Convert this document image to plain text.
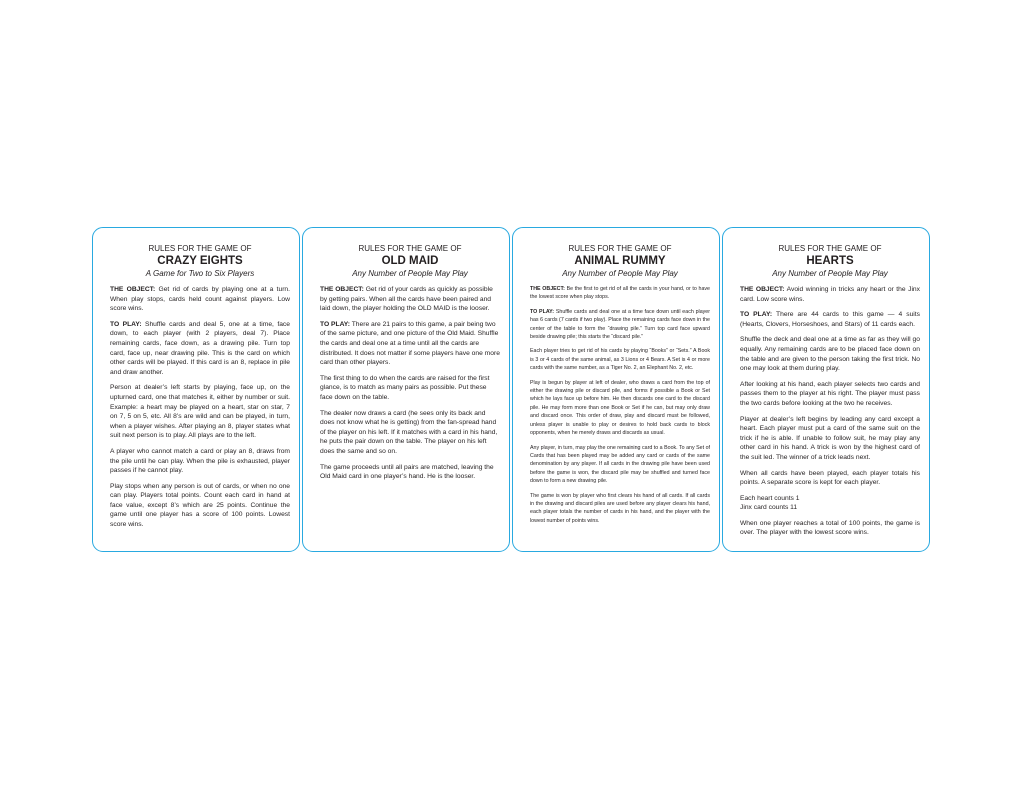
RULES FOR THE GAME OF
CRAZY EIGHTS
A Game for Two to Six Players
THE OBJECT: Get rid of cards by playing one at a turn. When play stops, cards held count against players. Low score wins.
TO PLAY: Shuffle cards and deal 5, one at a time, face down, to each player (with 2 players, deal 7). Place remaining cards, face down, as a drawing pile. Turn top card, face up, near drawing pile. This is the card on which other cards will be played. If this card is an 8, replace in pile and draw another.
Person at dealer’s left starts by playing, face up, on the upturned card, one that matches it, either by number or suit. Example: a heart may be played on a heart, star on star, 7 on 7, 5 on 5, etc. All 8’s are wild and can be played, in turn, when a player wishes. After playing an 8, player states what suit next person is to play. All plays are to the left.
A player who cannot match a card or play an 8, draws from the pile until he can play. When the pile is exhausted, player passes if he cannot play.
Play stops when any person is out of cards, or when no one can play. Players total points. Count each card in hand at face value, except 8’s which are 25 points. Continue the game until one player has a score of 100 points. Lowest score wins.
RULES FOR THE GAME OF
OLD MAID
Any Number of People May Play
THE OBJECT: Get rid of your cards as quickly as possible by getting pairs. When all the cards have been paired and laid down, the player holding the OLD MAID is the looser.
TO PLAY: There are 21 pairs to this game, a pair being two of the same picture, and one picture of the Old Maid. Shuffle the cards and deal one at a time until all the cards are distributed. It does not matter if some players have one more card than other players.
The first thing to do when the cards are raised for the first glance, is to match as many pairs as possible. Put these face down on the table.
The dealer now draws a card (he sees only its back and does not know what he is getting) from the fan-spread hand of the player on his left. If it matches with a card in his hand, he puts the pair down on the table. The player on his left does the same and so on.
The game proceeds until all pairs are matched, leaving the Old Maid card in one player’s hand. He is the looser.
RULES FOR THE GAME OF
ANIMAL RUMMY
Any Number of People May Play
THE OBJECT: Be the first to get rid of all the cards in your hand, or to have the lowest score when play stops.
TO PLAY: Shuffle cards and deal one at a time face down until each player has 6 cards (7 cards if two play). Place the remaining cards face down in the center of the table to form the “drawing pile.” Turn top card face upward beside drawing pile; this starts the “discard pile.”
Each player tries to get rid of his cards by playing “Books” or “Sets.” A Book is 3 or 4 cards of the same animal, as 3 Lions or 4 Bears. A Set is 4 or more cards with the same number, as a Tiger No. 2, an Elephant No. 2, etc.
Play is begun by player at left of dealer, who draws a card from the top of either the drawing pile or discard pile, and forms if possible a Book or Set which he lays face up before him. He then discards one card to the discard pile. He may form more than one Book or Set if he can, but may only draw and discard once. This order of draw, play and discard must be followed, unless player is unable to play or desires to hold back cards to block opponents, when he merely draws and discards as usual.
Any player, in turn, may play the one remaining card to a Book. To any Set of Cards that has been played may be added any card or cards of the same denomination by any player. If all cards in the drawing pile have been used before the game is won, the discard pile may be shuffled and turned face down to form a new drawing pile.
The game is won by player who first clears his hand of all cards. If all cards in the drawing and discard piles are used before any player clears his hand, each player totals the number of cards in his hand, and the player with the lowest number of points wins.
RULES FOR THE GAME OF
HEARTS
Any Number of People May Play
THE OBJECT: Avoid winning in tricks any heart or the Jinx card. Low score wins.
TO PLAY: There are 44 cards to this game — 4 suits (Hearts, Clovers, Horseshoes, and Stars) of 11 cards each.
Shuffle the deck and deal one at a time as far as they will go equally. Any remaining cards are to be placed face down on the table and are given to the person taking the first trick. No one may look at them during play.
After looking at his hand, each player selects two cards and passes them to the player at his right. The player must pass the two cards before looking at the two he receives.
Player at dealer’s left begins by leading any card except a heart. Each player must put a card of the same suit on the trick if he is able. If unable to follow suit, he may play any other card in his hand. A trick is won by the highest card of the suit led. The winner of a trick leads next.
When all cards have been played, each player totals his points. A separate score is kept for each player.
Each heart counts 1
Jinx card counts 11
When one player reaches a total of 100 points, the game is over. The player with the lowest score wins.
